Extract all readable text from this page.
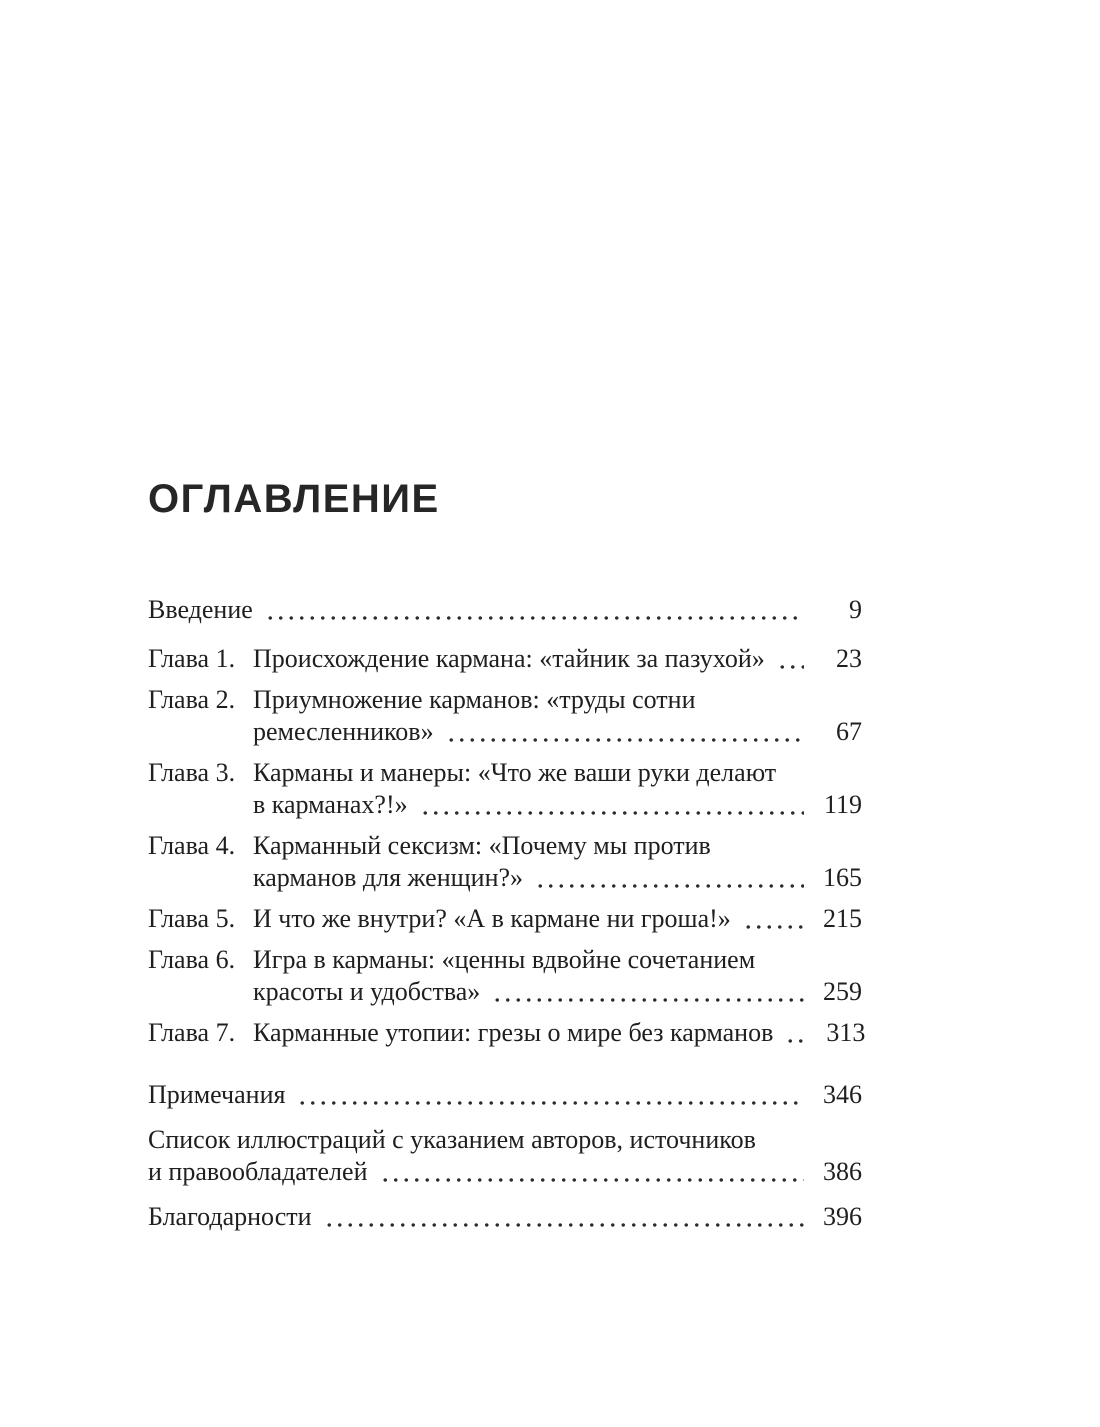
ОГЛАВЛЕНИЕ
Введение	9
Глава 1. Происхождение кармана: «тайник за пазухой»	23
Глава 2. Приумножение карманов: «труды сотни
ремесленников»	67
Глава 3. Карманы и манеры: «Что же ваши руки делают
в карманах?!»	119
Глава 4. Карманный сексизм: «Почему мы против
карманов для женщин?»	165
Глава 5. И что же внутри? «А в кармане ни гроша!»	215
Глава 6. Игра в карманы: «ценны вдвойне сочетанием
красоты и удобства»	259
Глава 7. Карманные утопии: грезы о мире без карманов	313
Примечания	346
Список иллюстраций с указанием авторов, источников
и правообладателей	386
Благодарности	396
